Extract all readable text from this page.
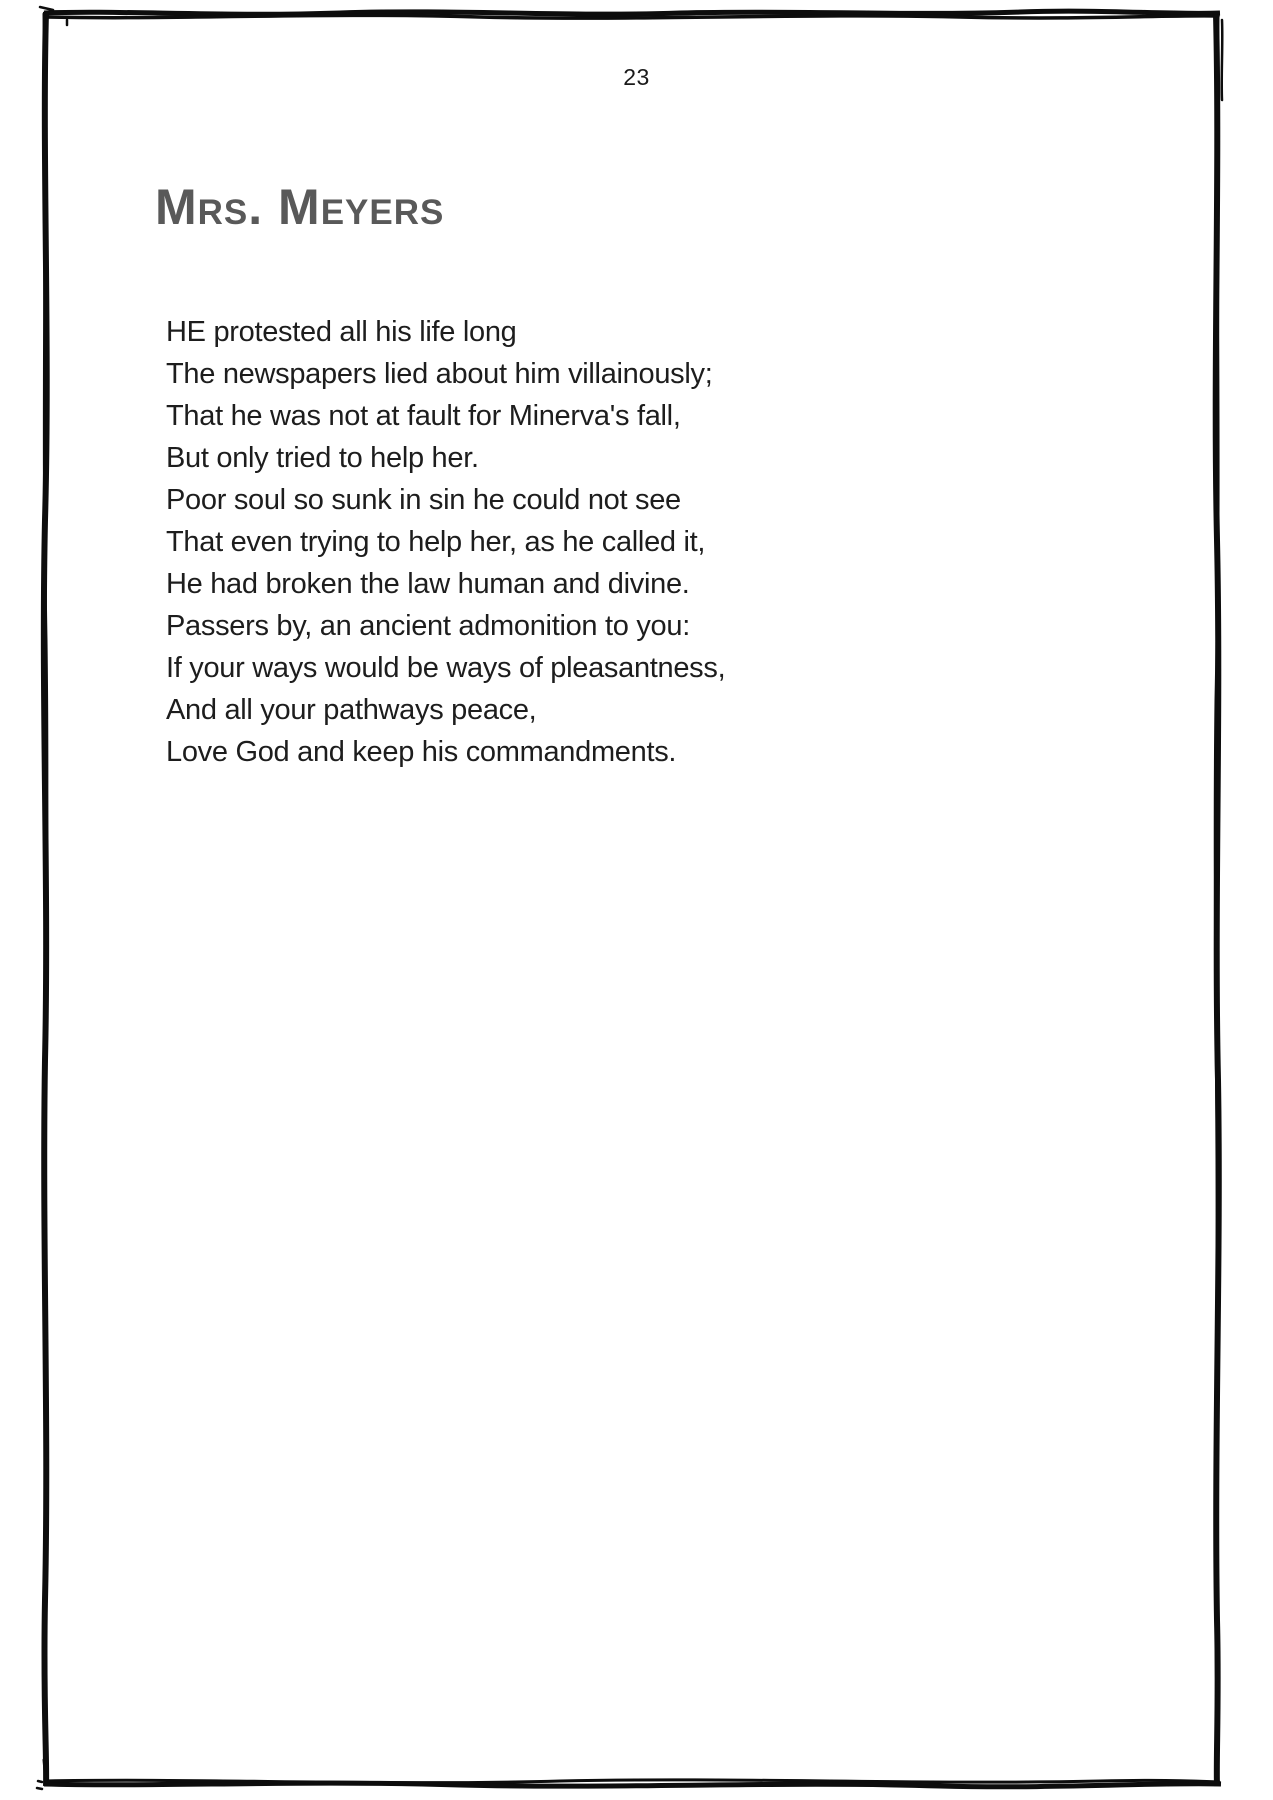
23
Mrs. Meyers
HE protested all his life long
The newspapers lied about him villainously;
That he was not at fault for Minerva's fall,
But only tried to help her.
Poor soul so sunk in sin he could not see
That even trying to help her, as he called it,
He had broken the law human and divine.
Passers by, an ancient admonition to you:
If your ways would be ways of pleasantness,
And all your pathways peace,
Love God and keep his commandments.
